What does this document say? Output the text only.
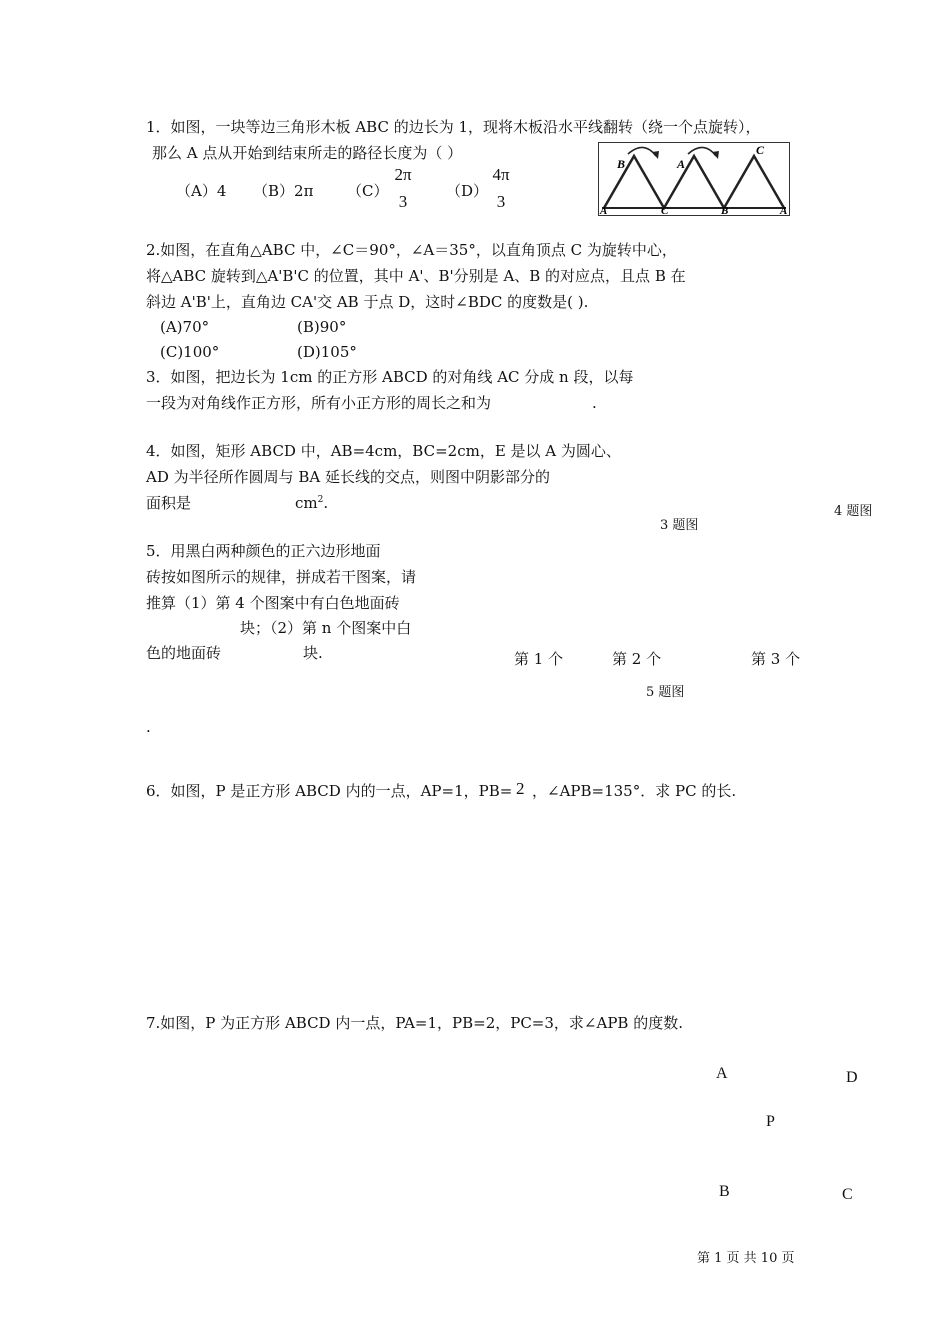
1．如图，一块等边三角形木板 ABC 的边长为 1，现将木板沿水平线翻转（绕一个点旋转），
那么 A 点从开始到结束所走的路径长度为（ ）
（A）4 （B）2π （C）
2π
3
（D）
4π
3
B	A
C
A	C	B	A
2.如图，在直角△ABC 中，∠C＝90°，∠A＝35°，以直角顶点 C 为旋转中心，
将△ABC 旋转到△A'B'C 的位置，其中 A'、B'分别是 A、B 的对应点，且点 B 在
斜边 A'B'上，直角边 CA'交 AB 于点 D，这时∠BDC 的度数是( ).
(A)70°	(B)90°
(C)100°	(D)105°
3．如图，把边长为 1cm 的正方形 ABCD 的对角线 AC 分成 n 段，以每
一段为对角线作正方形，所有小正方形的周长之和为	.
4．如图，矩形 ABCD 中，AB=4cm，BC=2cm，E 是以 A 为圆心、
AD 为半径所作圆周与 BA 延长线的交点，则图中阴影部分的
面积是	$cm^2$.
3 题图
4 题图
5．用黑白两种颜色的正六边形地面
砖按如图所示的规律，拼成若干图案，请
推算（1）第 4 个图案中有白色地面砖
块；（2）第 n 个图案中白
色的地面砖	块.	第 1 个	第 2 个	第 3 个
5 题图
.
6．如图，P 是正方形 ABCD 内的一点，AP=1，PB= 2 ，∠APB=135°．求 PC 的长.
7.如图，P 为正方形 ABCD 内一点，PA=1，PB=2，PC=3，求∠APB 的度数.
A	D
P
B	C
第 1 页 共 10 页
